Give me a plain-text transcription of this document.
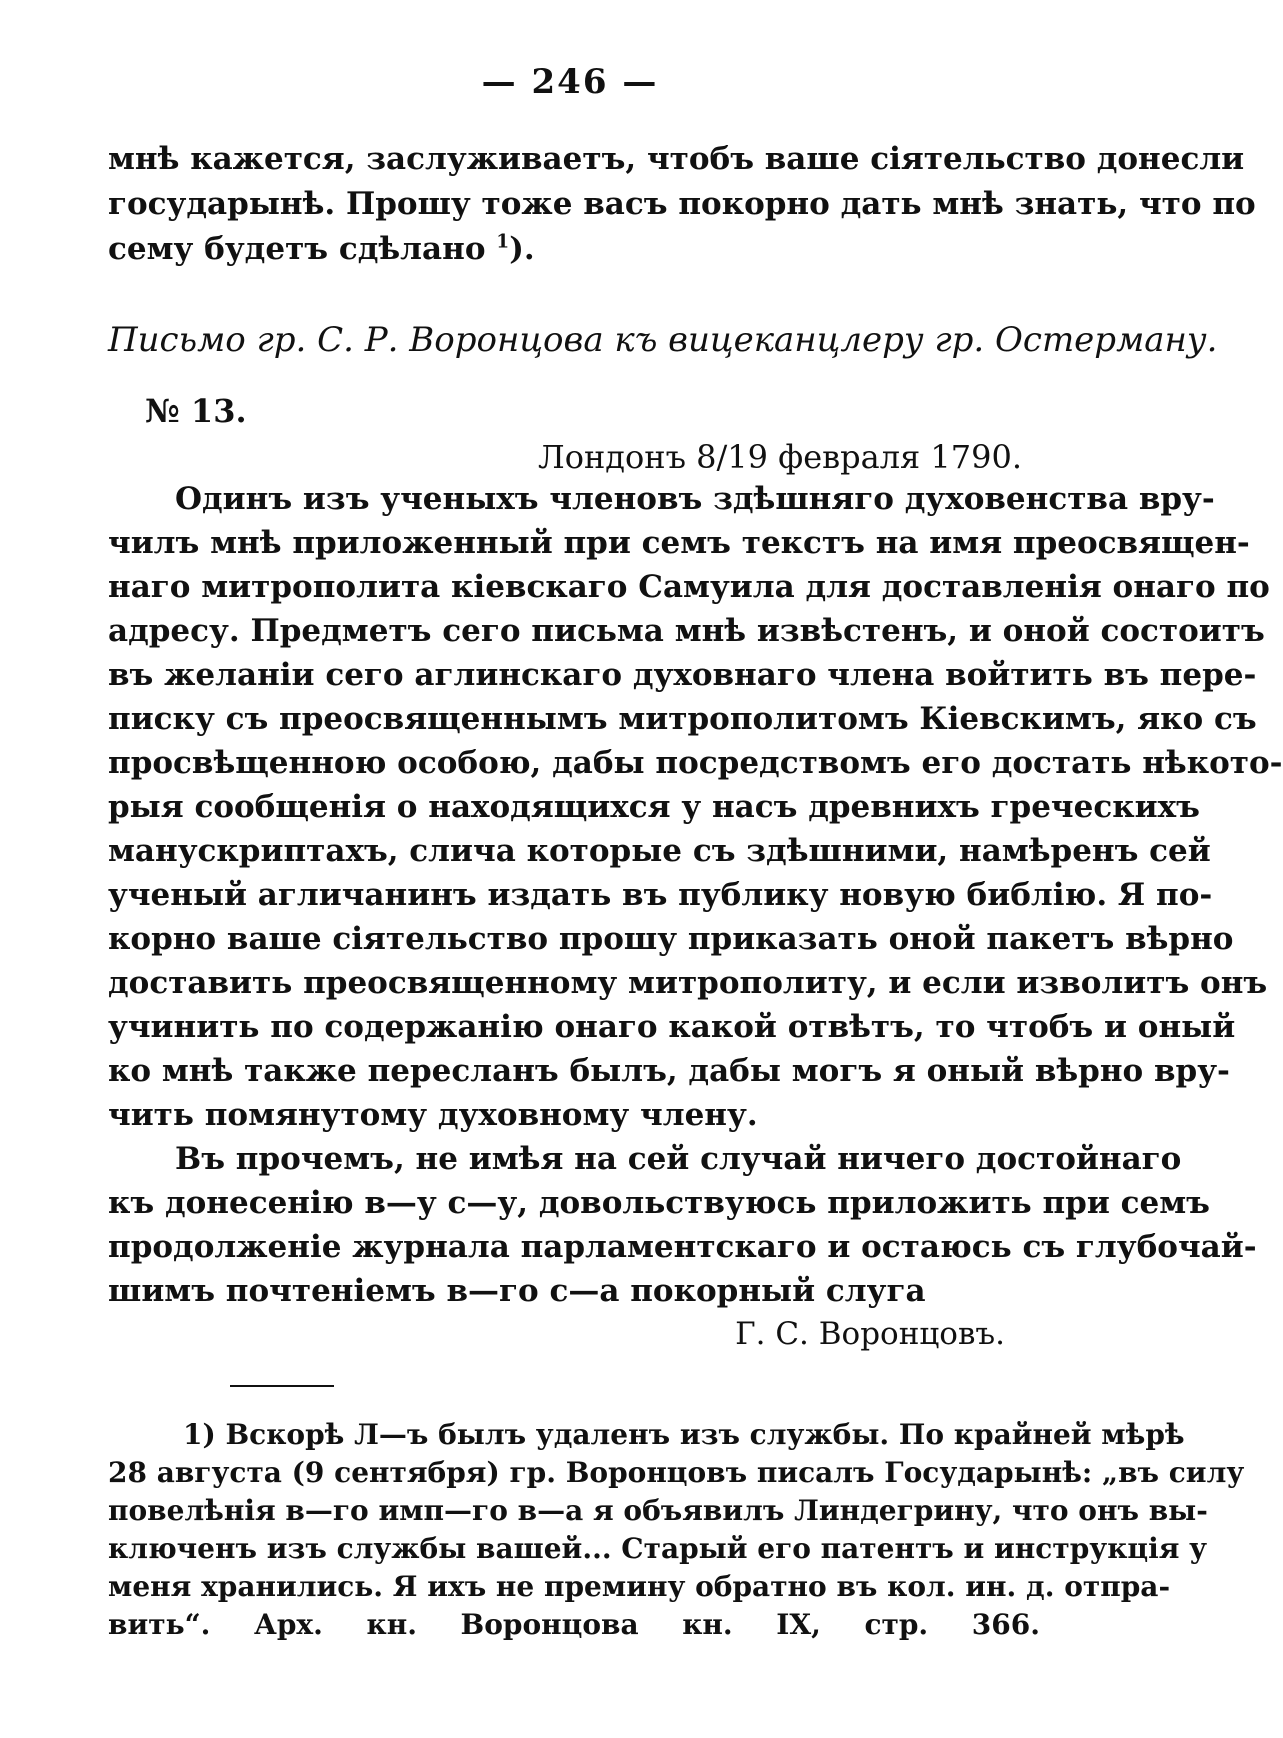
— 246 —
мнѣ кажется, заслуживаетъ, чтобъ ваше сіятельство донесли
государынѣ. Прошу тоже васъ покорно дать мнѣ знать, что по
сему будетъ сдѣлано $^1$).
Письмо гр. С. Р. Воронцова къ вицеканцлеру гр. Остерману.
№ 13.
Лондонъ 8/19 февраля 1790.
Одинъ изъ ученыхъ членовъ здѣшняго духовенства вру-
чилъ мнѣ приложенный при семъ текстъ на имя преосвящен-
наго митрополита кіевскаго Самуила для доставленія онаго по
адресу. Предметъ сего письма мнѣ извѣстенъ, и оной состоитъ
въ желаніи сего аглинскаго духовнаго члена войтить въ пере-
писку съ преосвященнымъ митрополитомъ Кіевскимъ, яко съ
просвѣщенною особою, дабы посредствомъ его достать нѣкото-
рыя сообщенія о находящихся у насъ древнихъ греческихъ
манускриптахъ, слича которые съ здѣшними, намѣренъ сей
ученый агличанинъ издать въ публику новую библію. Я по-
корно ваше сіятельство прошу приказать оной пакетъ вѣрно
доставить преосвященному митрополиту, и если изволитъ онъ
учинить по содержанію онаго какой отвѣтъ, то чтобъ и оный
ко мнѣ также пересланъ былъ, дабы могъ я оный вѣрно вру-
чить помянутому духовному члену.
Въ прочемъ, не имѣя на сей случай ничего достойнаго
къ донесенію в—у с—у, довольствуюсь приложить при семъ
продолженіе журнала парламентскаго и остаюсь съ глубочай-
шимъ почтеніемъ в—го с—а покорный слуга
Г. С. Воронцовъ.
1) Вскорѣ Л—ъ былъ удаленъ изъ службы. По крайней мѣрѣ
28 августа (9 сентября) гр. Воронцовъ писалъ Государынѣ: „въ силу
повелѣнія в—го имп—го в—а я объявилъ Линдегрину, что онъ вы-
ключенъ изъ службы вашей... Старый его патентъ и инструкція у
меня хранились. Я ихъ не премину обратно въ кол. ин. д. отпра-
вить“. Арх. кн. Воронцова кн. IX, стр. 366.
